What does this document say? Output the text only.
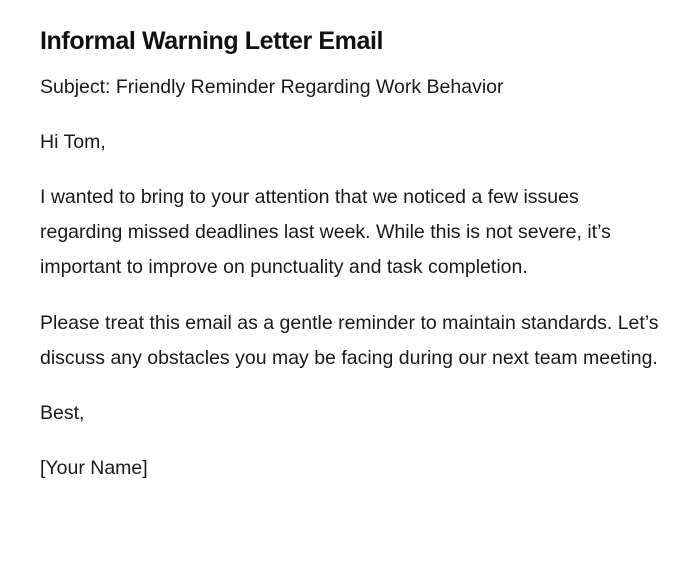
Informal Warning Letter Email

Subject: Friendly Reminder Regarding Work Behavior

Hi Tom,

I wanted to bring to your attention that we noticed a few issues regarding missed deadlines last week. While this is not severe, it’s important to improve on punctuality and task completion.

Please treat this email as a gentle reminder to maintain standards. Let’s discuss any obstacles you may be facing during our next team meeting.

Best,

[Your Name]
